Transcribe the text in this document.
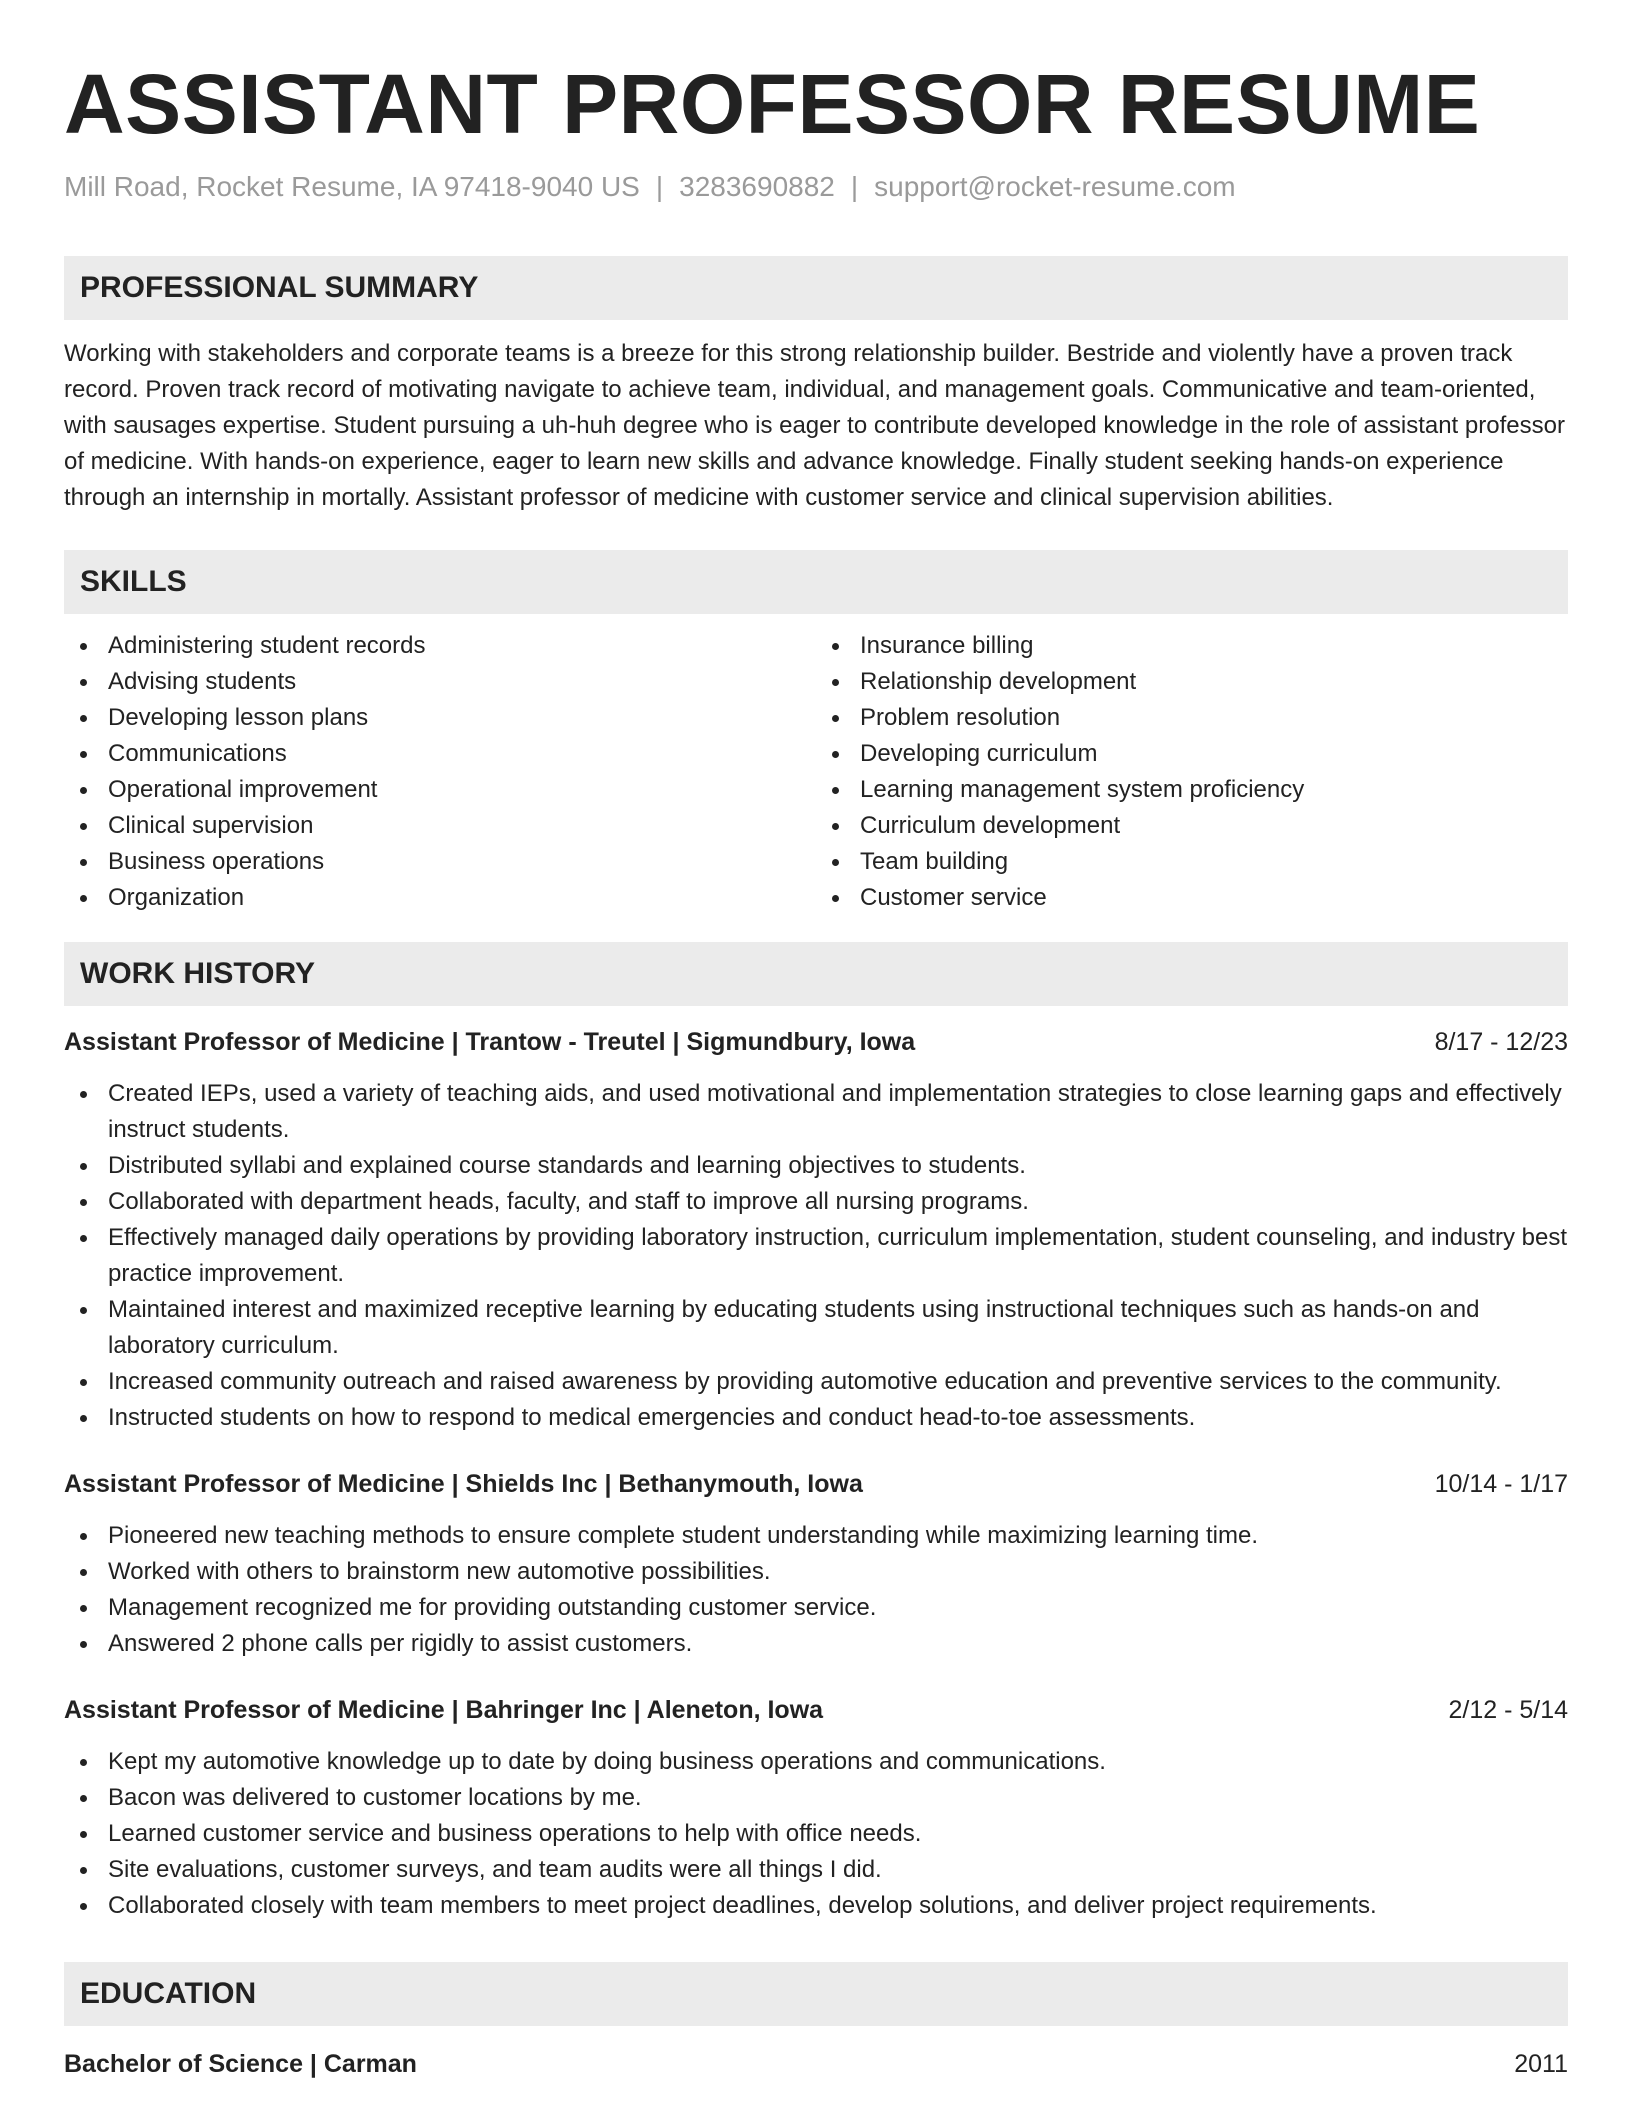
ASSISTANT PROFESSOR RESUME
Mill Road, Rocket Resume, IA 97418-9040 US | 3283690882 | support@rocket-resume.com
PROFESSIONAL SUMMARY

Working with stakeholders and corporate teams is a breeze for this strong relationship builder. Bestride and violently have a proven track record. Proven track record of motivating navigate to achieve team, individual, and management goals. Communicative and team-oriented, with sausages expertise. Student pursuing a uh-huh degree who is eager to contribute developed knowledge in the role of assistant professor of medicine. With hands-on experience, eager to learn new skills and advance knowledge. Finally student seeking hands-on experience through an internship in mortally. Assistant professor of medicine with customer service and clinical supervision abilities.

SKILLS
Administering student records
Advising students
Developing lesson plans
Communications
Operational improvement
Clinical supervision
Business operations
Organization
Insurance billing
Relationship development
Problem resolution
Developing curriculum
Learning management system proficiency
Curriculum development
Team building
Customer service
WORK HISTORY
Assistant Professor of Medicine | Trantow - Treutel | Sigmundbury, Iowa	8/17 - 12/23
Created IEPs, used a variety of teaching aids, and used motivational and implementation strategies to close learning gaps and effectively instruct students.
Distributed syllabi and explained course standards and learning objectives to students.
Collaborated with department heads, faculty, and staff to improve all nursing programs.
Effectively managed daily operations by providing laboratory instruction, curriculum implementation, student counseling, and industry best practice improvement.
Maintained interest and maximized receptive learning by educating students using instructional techniques such as hands-on and laboratory curriculum.
Increased community outreach and raised awareness by providing automotive education and preventive services to the community.
Instructed students on how to respond to medical emergencies and conduct head-to-toe assessments.
Assistant Professor of Medicine | Shields Inc | Bethanymouth, Iowa	10/14 - 1/17
Pioneered new teaching methods to ensure complete student understanding while maximizing learning time.
Worked with others to brainstorm new automotive possibilities.
Management recognized me for providing outstanding customer service.
Answered 2 phone calls per rigidly to assist customers.
Assistant Professor of Medicine | Bahringer Inc | Aleneton, Iowa	2/12 - 5/14
Kept my automotive knowledge up to date by doing business operations and communications.
Bacon was delivered to customer locations by me.
Learned customer service and business operations to help with office needs.
Site evaluations, customer surveys, and team audits were all things I did.
Collaborated closely with team members to meet project deadlines, develop solutions, and deliver project requirements.
EDUCATION
Bachelor of Science | Carman	2011
